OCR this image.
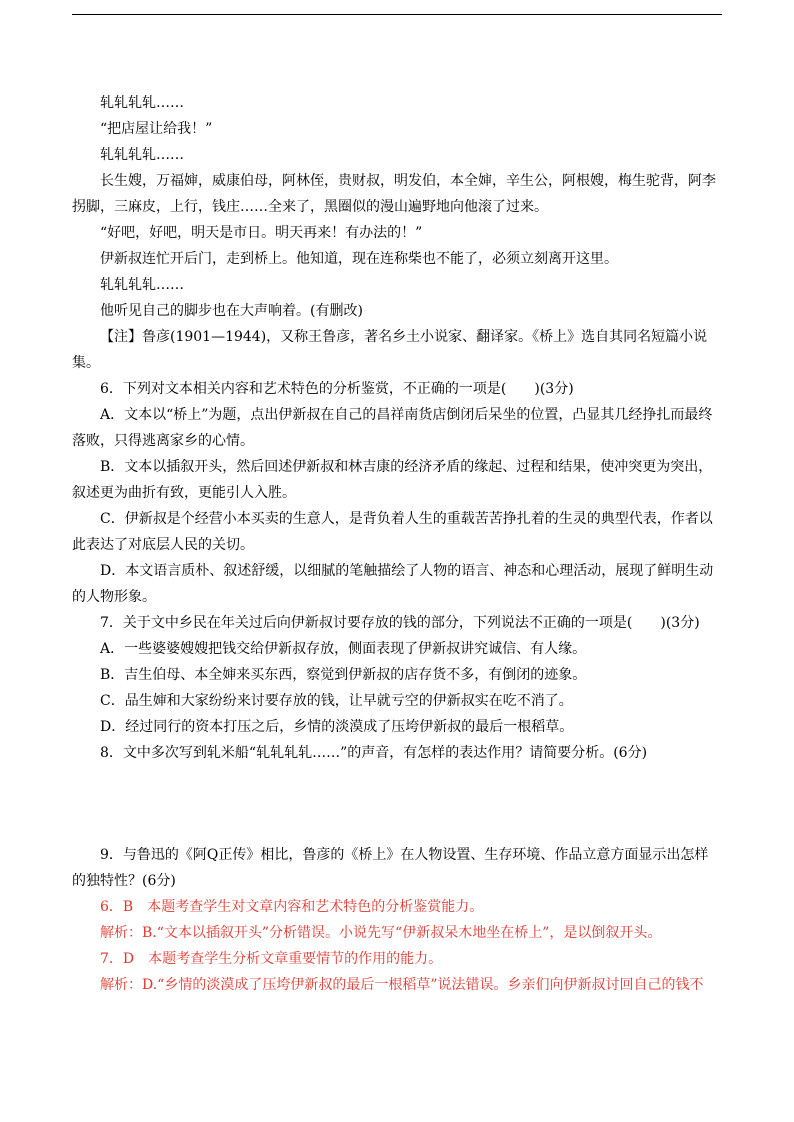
轧轧轧轧……

“把店屋让给我！”

轧轧轧轧……

长生嫂，万福婶，威康伯母，阿林侄，贵财叔，明发伯，本全婶，辛生公，阿根嫂，梅生驼背，阿李拐脚，三麻皮，上行，钱庄……全来了，黑圈似的漫山遍野地向他滚了过来。

“好吧，好吧，明天是市日。明天再来！有办法的！”

伊新叔连忙开后门，走到桥上。他知道，现在连称柴也不能了，必须立刻离开这里。

轧轧轧轧……

他听见自己的脚步也在大声响着。(有删改)

【注】鲁彦(1901—1944)，又称王鲁彦，著名乡土小说家、翻译家。《桥上》选自其同名短篇小说集。

6．下列对文本相关内容和艺术特色的分析鉴赏，不正确的一项是(　　)(3分)

A．文本以“桥上”为题，点出伊新叔在自己的昌祥南货店倒闭后呆坐的位置，凸显其几经挣扎而最终落败，只得逃离家乡的心情。

B．文本以插叙开头，然后回述伊新叔和林吉康的经济矛盾的缘起、过程和结果，使冲突更为突出，叙述更为曲折有致，更能引人入胜。

C．伊新叔是个经营小本买卖的生意人，是背负着人生的重载苦苦挣扎着的生灵的典型代表，作者以此表达了对底层人民的关切。

D．本文语言质朴、叙述舒缓，以细腻的笔触描绘了人物的语言、神态和心理活动，展现了鲜明生动的人物形象。

7．关于文中乡民在年关过后向伊新叔讨要存放的钱的部分，下列说法不正确的一项是(　　)(3分)

A．一些婆婆嫂嫂把钱交给伊新叔存放，侧面表现了伊新叔讲究诚信、有人缘。

B．吉生伯母、本全婶来买东西，察觉到伊新叔的店存货不多，有倒闭的迹象。

C．品生婶和大家纷纷来讨要存放的钱，让早就亏空的伊新叔实在吃不消了。

D．经过同行的资本打压之后，乡情的淡漠成了压垮伊新叔的最后一根稻草。

8．文中多次写到轧米船“轧轧轧轧……”的声音，有怎样的表达作用？请简要分析。(6分)

9．与鲁迅的《阿Q正传》相比，鲁彦的《桥上》在人物设置、生存环境、作品立意方面显示出怎样的独特性？(6分)

6．B　本题考查学生对文章内容和艺术特色的分析鉴赏能力。

解析：B.“文本以插叙开头”分析错误。小说先写“伊新叔呆木地坐在桥上”，是以倒叙开头。

7．D　本题考查学生分析文章重要情节的作用的能力。

解析：D.“乡情的淡漠成了压垮伊新叔的最后一根稻草”说法错误。乡亲们向伊新叔讨回自己的钱不
